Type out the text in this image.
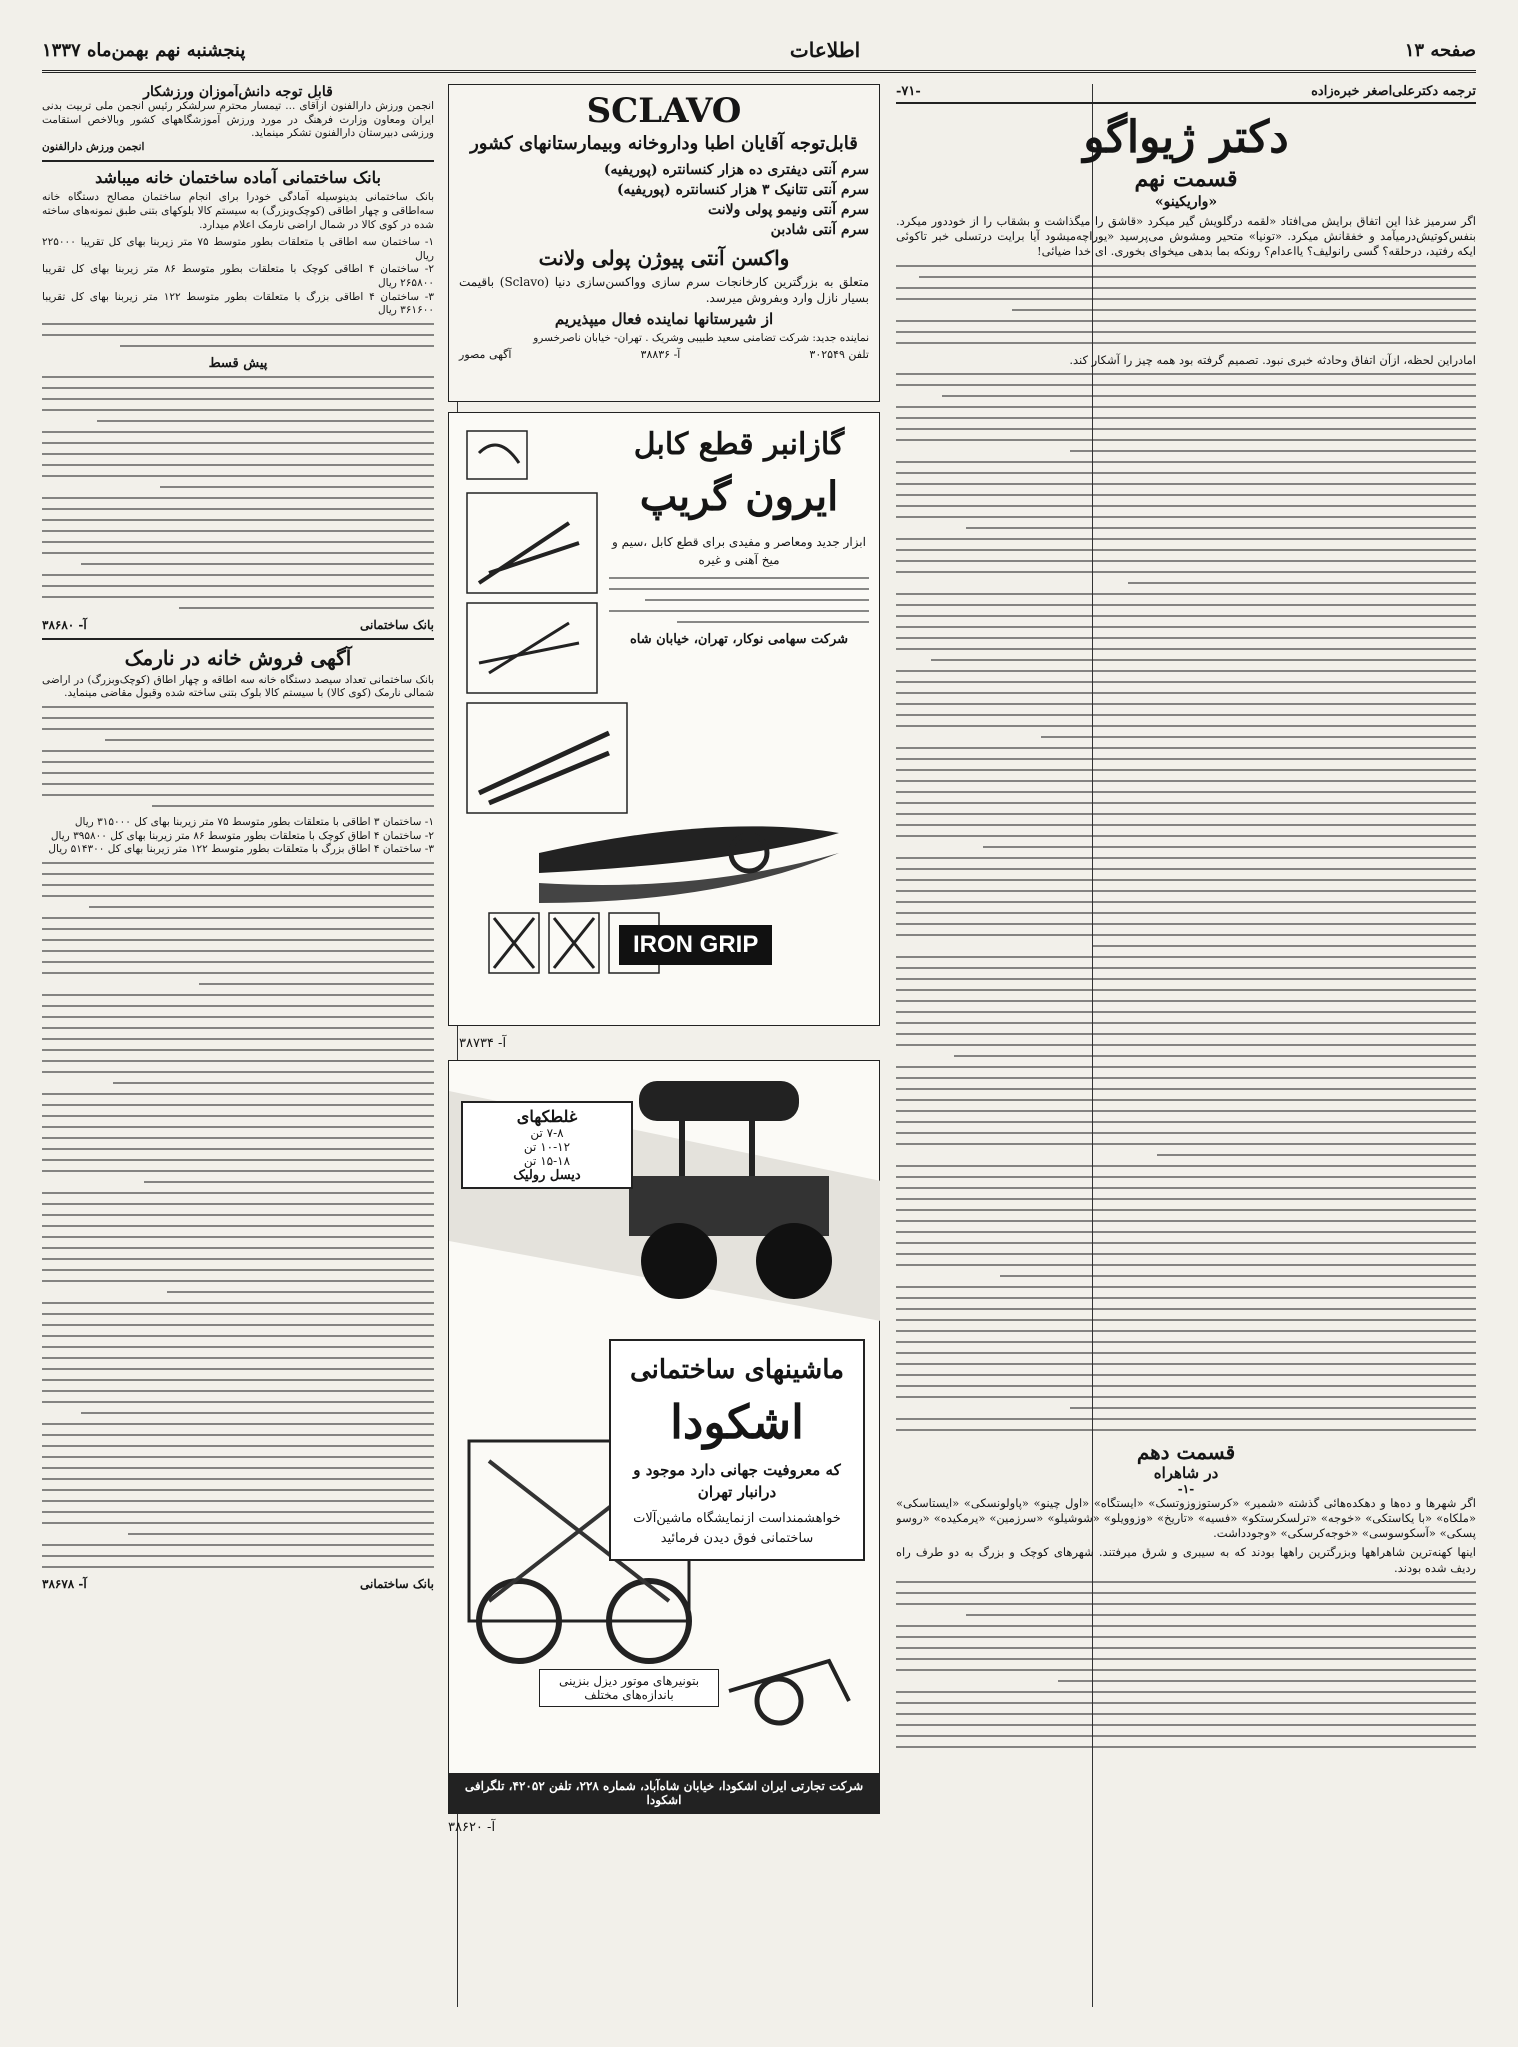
صفحه ۱۳
اطلاعات
پنجشنبه نهم بهمن‌ماه ۱۳۳۷
ترجمه دکترعلی‌اصغر خبره‌زاده
-۷۱-
دکتر ژیواگو
قسمت نهم
«واریکینو»
اگر سرمیز غذا این اتفاق برایش می‌افتاد «لقمه درگلویش گیر میکرد «قاشق را میگذاشت و بشقاب را از خوددور میکرد. بنفس‌کوتیش‌درمیآمد و خفقانش میکرد. «تونیا» متحیر ومشوش می‌پرسید «یوراچه‌میشود آیا برایت درتسلی خبر تاکوئی ایکه رفتید، درحلقه؟ گسی رانولیف؟ یااعدام؟ رونکه بما بدهی میخوای بخوری. ای خدا ضیائی!
امادراین لحظه، ازآن اتفاق وحادثه خبری نبود. تصمیم گرفته بود همه چیز را آشکار کند.
قسمت دهم
در شاهراه
-۱-
اگر شهرها و ده‌ها و دهکده‌هائی گذشته «شمیر» «کرستوزوزوتسک» «ایستگاه» «اول چینو» «پاولونسکی» «ایستاسکی» «ملکاه» «با یکاستکی» «خوجه» «ترلسکرستکو» «فسیه» «تاریخ» «وزوویلو» «شوشیلو» «سرزمین» «یرمکیده» «روسو پسکی» «آسکوسوسی» «خوجه‌کرسکی» «وجودداشت.
اینها کهنه‌ترین شاهراهها وبزرگترین راهها بودند که به سیبری و شرق میرفتند. شهرهای کوچک و بزرگ به دو طرف راه ردیف شده بودند.
SCLAVO
قابل‌توجه آقایان اطبا وداروخانه وبیمارستانهای کشور
سرم آنتی دیفتری ده هزار کنسانتره (پوریفیه)
سرم آنتی تتانیک ۳ هزار کنسانتره (پوریفیه)
سرم آنتی ونیمو پولی ولانت
سرم آنتی شادبن
واکسن آنتی پیوژن پولی ولانت
متعلق به بزرگترین کارخانجات سرم سازی وواکسن‌سازی دنیا (Sclavo) باقیمت بسیار نازل وارد وبفروش میرسد.
از شیرستانها نماینده فعال میپذیریم
نماینده جدید: شرکت تضامنی سعید طبیبی وشریک . تهران- خیابان ناصرخسرو
تلفن ۳۰۲۵۴۹
آ- ۳۸۸۳۶
آگهی مصور
گازانبر قطع کابل
ایرون گریپ
ابزار جدید ومعاصر و مفیدی برای قطع کابل ،سیم و میخ آهنی و غیره
شرکت سهامی نوکار، تهران، خیابان شاه
IRON GRIP
آ- ۳۸۷۳۴
غلطکهای
۷-۸ تن
۱۰-۱۲ تن
۱۵-۱۸ تن
دیسل رولیک
ماشینهای ساختمانی
اشکودا
که معروفیت جهانی دارد موجود و
درانبار تهران
خواهشمنداست ازنمایشگاه ماشین‌آلات ساختمانی فوق دیدن فرمائید
بتونیرهای موتور دیزل بنزینی باندازه‌های مختلف
شرکت تجارتی ایران اشکودا، خیابان شاه‌آباد، شماره ۲۲۸، تلفن ۴۲۰۵۲، تلگرافی اشکودا
آ- ۳۸۶۲۰
قابل توجه دانش‌آموزان ورزشکار
انجمن ورزش دارالفنون ازآقای ... تیمسار محترم سرلشکر رئیس انجمن ملی تربیت بدنی ایران ومعاون وزارت فرهنگ در مورد ورزش آموزشگاههای کشور وبالاخص استقامت ورزشی دبیرستان دارالفنون تشکر مینماید.
انجمن ورزش دارالفنون
بانک ساختمانی آماده ساختمان خانه میباشد
بانک ساختمانی بدینوسیله آمادگی خودرا برای انجام ساختمان مصالح دستگاه خانه سه‌اطاقی و چهار اطاقی (کوچک‌وبزرگ) به سیستم کالا بلوکهای بتنی طبق نمونه‌های ساخته شده در کوی کالا در شمال اراضی نارمک اعلام میدارد.
۱- ساختمان سه اطاقی با متعلقات بطور متوسط ۷۵ متر زیربنا بهای کل تقریبا ۲۲۵۰۰۰ ریال
۲- ساختمان ۴ اطاقی کوچک با متعلقات بطور متوسط ۸۶ متر زیربنا بهای کل تقریبا ۲۶۵۸۰۰ ریال
۳- ساختمان ۴ اطاقی بزرگ با متعلقات بطور متوسط ۱۲۲ متر زیربنا بهای کل تقریبا ۳۶۱۶۰۰ ریال
پیش قسط
بانک ساختمانی
آ- ۳۸۶۸۰
آگهی فروش خانه در نارمک
بانک ساختمانی تعداد سیصد دستگاه خانه سه اطاقه و چهار اطاق (کوچک‌وبزرگ) در اراضی شمالی نارمک (کوی کالا) با سیستم کالا بلوک بتنی ساخته شده وقبول مقاضی مینماید.
۱- ساختمان ۳ اطاقی با متعلقات بطور متوسط ۷۵ متر زیربنا بهای کل ۳۱۵۰۰۰ ریال
۲- ساختمان ۴ اطاق کوچک با متعلقات بطور متوسط ۸۶ متر زیربنا بهای کل ۳۹۵۸۰۰ ریال
۳- ساختمان ۴ اطاق بزرگ با متعلقات بطور متوسط ۱۲۲ متر زیربنا بهای کل ۵۱۴۳۰۰ ریال
بانک ساختمانی
آ- ۳۸۶۷۸
